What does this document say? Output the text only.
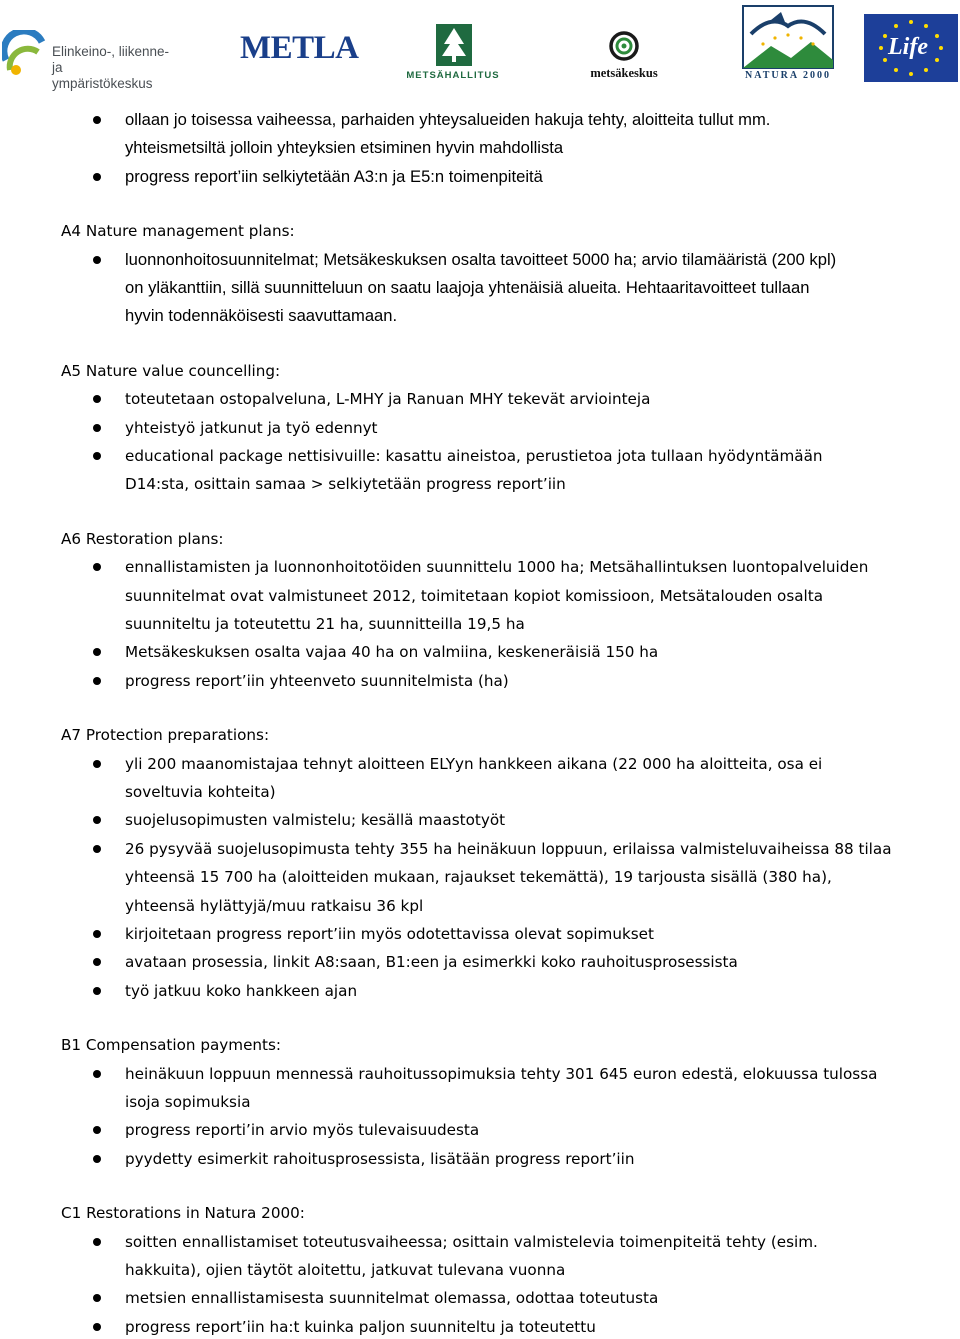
Elinkeino-, liikenne- ja
ympäristökeskus
METLA
METSÄHALLITUS	metsäkeskus	NATURA 2000
Life
ollaan jo toisessa vaiheessa, parhaiden yhteysalueiden hakuja tehty, aloitteita tullut mm.
yhteismetsiltä jolloin yhteyksien etsiminen hyvin mahdollista
progress report’iin selkiytetään A3:n ja E5:n toimenpiteitä
A4 Nature management plans:
luonnonhoitosuunnitelmat; Metsäkeskuksen osalta tavoitteet 5000 ha; arvio tilamääristä (200 kpl)
on yläkanttiin, sillä suunnitteluun on saatu laajoja yhtenäisiä alueita. Hehtaaritavoitteet tullaan
hyvin todennäköisesti saavuttamaan.
A5 Nature value councelling:
toteutetaan ostopalveluna, L-MHY ja Ranuan MHY tekevät arviointeja
yhteistyö jatkunut ja työ edennyt
educational package nettisivuille: kasattu aineistoa, perustietoa jota tullaan hyödyntämään
D14:sta, osittain samaa > selkiytetään progress report’iin
A6 Restoration plans:
ennallistamisten ja luonnonhoitotöiden suunnittelu 1000 ha; Metsähallintuksen luontopalveluiden
suunnitelmat ovat valmistuneet 2012, toimitetaan kopiot komissioon, Metsätalouden osalta
suunniteltu ja toteutettu 21 ha, suunnitteilla 19,5 ha
Metsäkeskuksen osalta vajaa 40 ha on valmiina, keskeneräisiä 150 ha
progress report’iin yhteenveto suunnitelmista (ha)
A7 Protection preparations:
yli 200 maanomistajaa tehnyt aloitteen ELYyn hankkeen aikana (22 000 ha aloitteita, osa ei
soveltuvia kohteita)
suojelusopimusten valmistelu; kesällä maastotyöt
26 pysyvää suojelusopimusta tehty 355 ha heinäkuun loppuun, erilaissa valmisteluvaiheissa 88 tilaa
yhteensä 15 700 ha (aloitteiden mukaan, rajaukset tekemättä), 19 tarjousta sisällä (380 ha),
yhteensä hylättyjä/muu ratkaisu 36 kpl
kirjoitetaan progress report’iin myös odotettavissa olevat sopimukset
avataan prosessia, linkit A8:saan, B1:een ja esimerkki koko rauhoitusprosessista
työ jatkuu koko hankkeen ajan
B1 Compensation payments:
heinäkuun loppuun mennessä rauhoitussopimuksia tehty 301 645 euron edestä, elokuussa tulossa
isoja sopimuksia
progress reporti’in arvio myös tulevaisuudesta
pyydetty esimerkit rahoitusprosessista, lisätään progress report’iin
C1 Restorations in Natura 2000:
soitten ennallistamiset toteutusvaiheessa; osittain valmistelevia toimenpiteitä tehty (esim.
hakkuita), ojien täytöt aloitettu, jatkuvat tulevana vuonna
metsien ennallistamisesta suunnitelmat olemassa, odottaa toteutusta
progress report’iin ha:t kuinka paljon suunniteltu ja toteutettu
